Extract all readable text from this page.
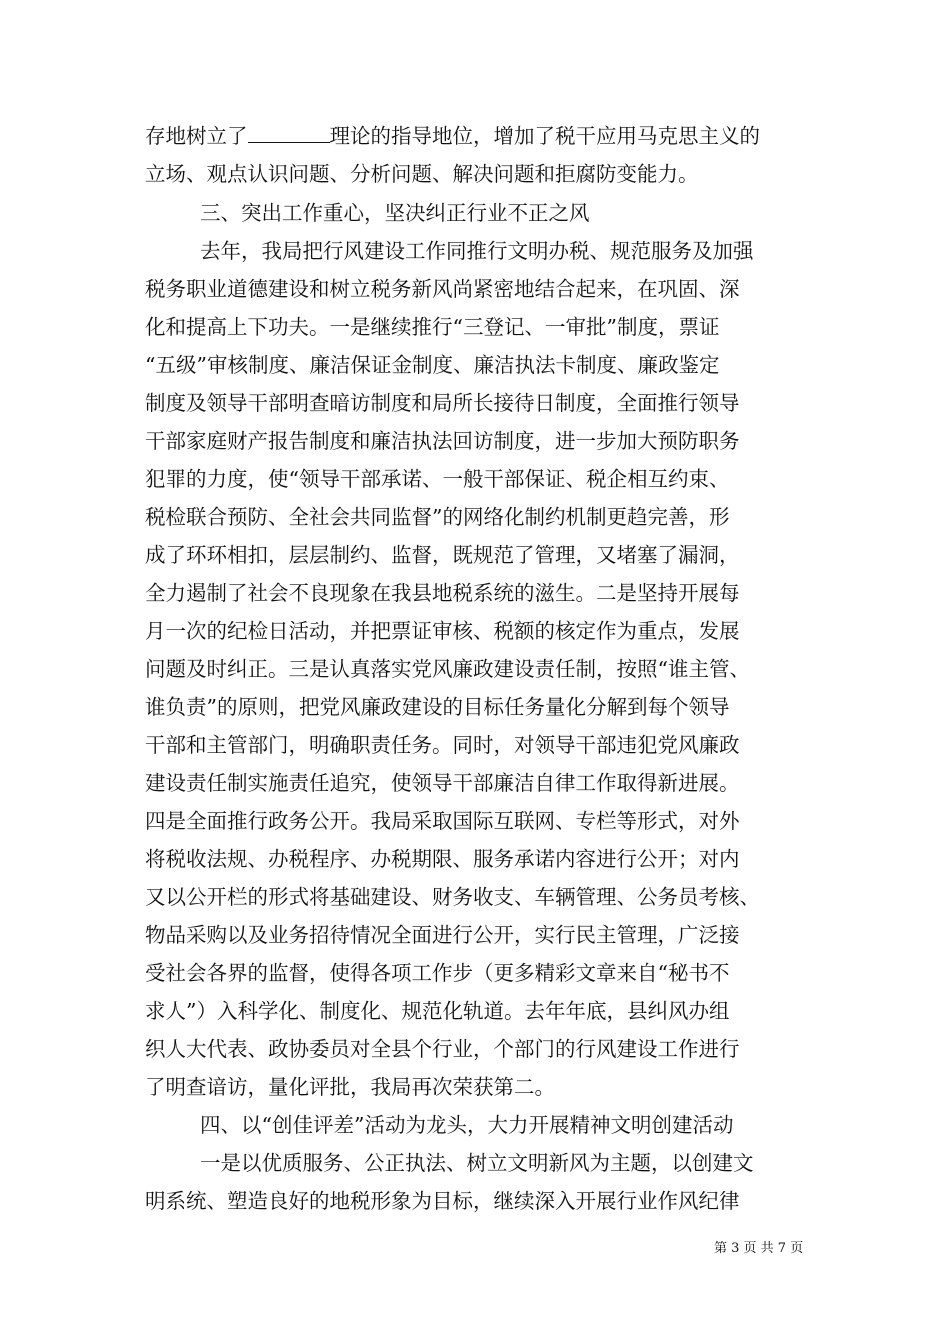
存地树立了	理论的指导地位，增加了税干应用马克思主义的
立场、观点认识问题、分析问题、解决问题和拒腐防变能力。
三、突出工作重心，坚决纠正行业不正之风
去年，我局把行风建设工作同推行文明办税、规范服务及加强
税务职业道德建设和树立税务新风尚紧密地结合起来，在巩固、深
化和提高上下功夫。一是继续推行“三登记、一审批”制度，票证
“五级”审核制度、廉洁保证金制度、廉洁执法卡制度、廉政鉴定
制度及领导干部明查暗访制度和局所长接待日制度，全面推行领导
干部家庭财产报告制度和廉洁执法回访制度，进一步加大预防职务
犯罪的力度，使“领导干部承诺、一般干部保证、税企相互约束、
税检联合预防、全社会共同监督”的网络化制约机制更趋完善，形
成了环环相扣，层层制约、监督，既规范了管理，又堵塞了漏洞，
全力遏制了社会不良现象在我县地税系统的滋生。二是坚持开展每
月一次的纪检日活动，并把票证审核、税额的核定作为重点，发展
问题及时纠正。三是认真落实党风廉政建设责任制，按照“谁主管、
谁负责”的原则，把党风廉政建设的目标任务量化分解到每个领导
干部和主管部门，明确职责任务。同时，对领导干部违犯党风廉政
建设责任制实施责任追究，使领导干部廉洁自律工作取得新进展。
四是全面推行政务公开。我局采取国际互联网、专栏等形式，对外
将税收法规、办税程序、办税期限、服务承诺内容进行公开；对内
又以公开栏的形式将基础建设、财务收支、车辆管理、公务员考核、
物品采购以及业务招待情况全面进行公开，实行民主管理，广泛接
受社会各界的监督，使得各项工作步（更多精彩文章来自“秘书不
求人”）入科学化、制度化、规范化轨道。去年年底，县纠风办组
织人大代表、政协委员对全县个行业，个部门的行风建设工作进行
了明查谙访，量化评批，我局再次荣获第二。
四、以“创佳评差”活动为龙头，大力开展精神文明创建活动
一是以优质服务、公正执法、树立文明新风为主题，以创建文
明系统、塑造良好的地税形象为目标，继续深入开展行业作风纪律
第 3 页 共 7 页
